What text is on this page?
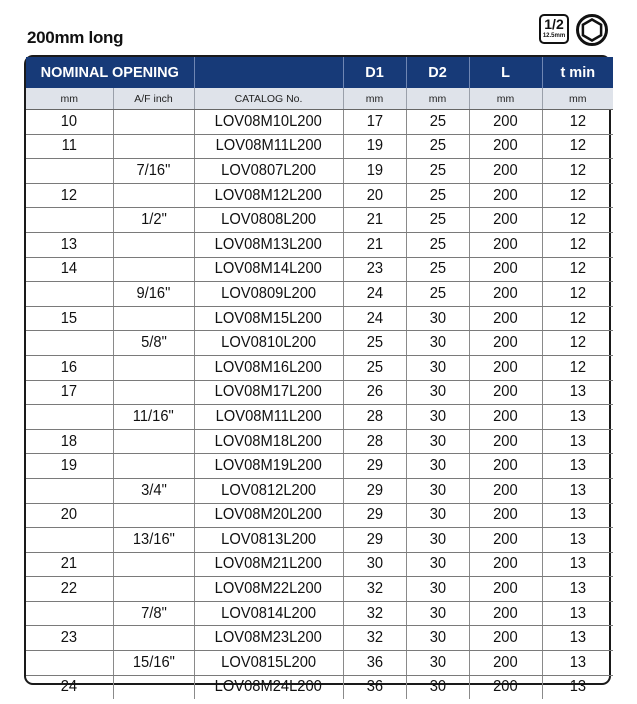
200mm long
1/2
12.5mm
NOMINAL OPENING			D1	D2	L	t min
mm	A/F inch	CATALOG No.	mm	mm	mm	mm
10		LOV08M10L200	17	25	200	12
11		LOV08M11L200	19	25	200	12
	7/16"	LOV0807L200	19	25	200	12
12		LOV08M12L200	20	25	200	12
	1/2"	LOV0808L200	21	25	200	12
13		LOV08M13L200	21	25	200	12
14		LOV08M14L200	23	25	200	12
	9/16"	LOV0809L200	24	25	200	12
15		LOV08M15L200	24	30	200	12
	5/8"	LOV0810L200	25	30	200	12
16		LOV08M16L200	25	30	200	12
17		LOV08M17L200	26	30	200	13
	11/16"	LOV08M11L200	28	30	200	13
18		LOV08M18L200	28	30	200	13
19		LOV08M19L200	29	30	200	13
	3/4"	LOV0812L200	29	30	200	13
20		LOV08M20L200	29	30	200	13
	13/16"	LOV0813L200	29	30	200	13
21		LOV08M21L200	30	30	200	13
22		LOV08M22L200	32	30	200	13
	7/8"	LOV0814L200	32	30	200	13
23		LOV08M23L200	32	30	200	13
	15/16"	LOV0815L200	36	30	200	13
24		LOV08M24L200	36	30	200	13
